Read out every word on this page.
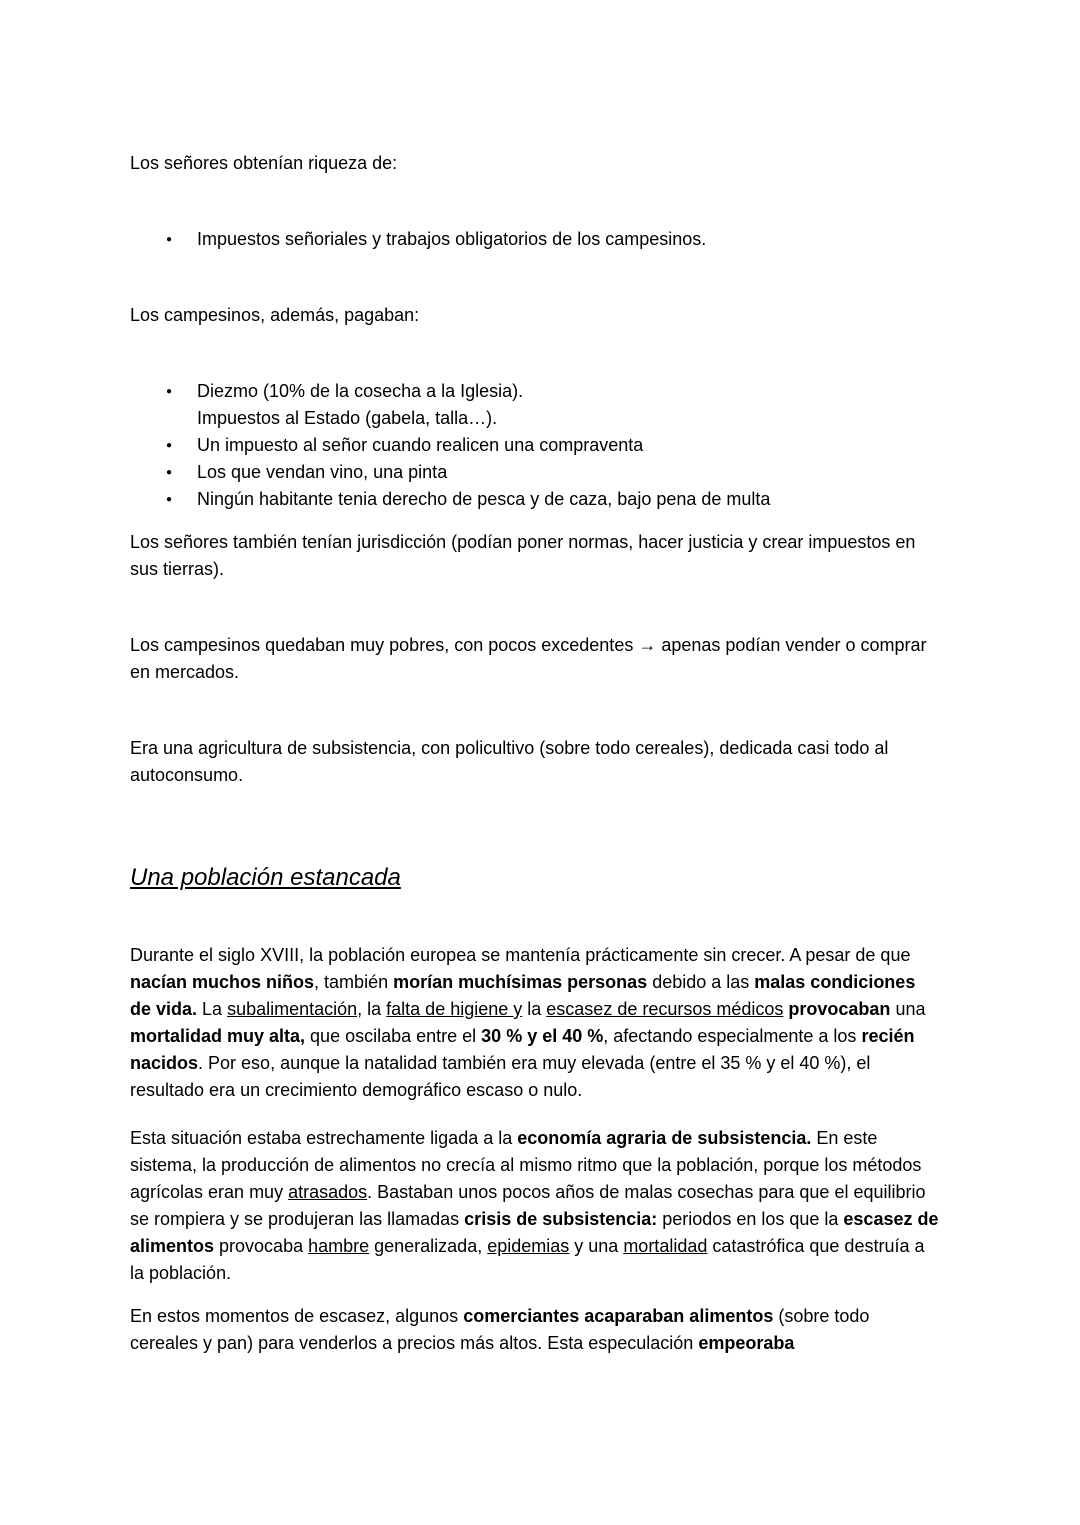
Los señores obtenían riqueza de:
●	Impuestos señoriales y trabajos obligatorios de los campesinos.
Los campesinos, además, pagaban:
●	Diezmo (10% de la cosecha a la Iglesia).
Impuestos al Estado (gabela, talla…).
●	Un impuesto al señor cuando realicen una compraventa
●	Los que vendan vino, una pinta
●	Ningún habitante tenia derecho de pesca y de caza, bajo pena de multa
Los señores también tenían jurisdicción (podían poner normas, hacer justicia y crear impuestos en sus tierras).
Los campesinos quedaban muy pobres, con pocos excedentes → apenas podían vender o comprar en mercados.
Era una agricultura de subsistencia, con policultivo (sobre todo cereales), dedicada casi todo al autoconsumo.
Una población estancada
Durante el siglo XVIII, la población europea se mantenía prácticamente sin crecer. A pesar de que nacían muchos niños, también morían muchísimas personas debido a las malas condiciones de vida. La subalimentación, la falta de higiene y la escasez de recursos médicos provocaban una mortalidad muy alta, que oscilaba entre el 30 % y el 40 %, afectando especialmente a los recién nacidos. Por eso, aunque la natalidad también era muy elevada (entre el 35 % y el 40 %), el resultado era un crecimiento demográfico escaso o nulo.
Esta situación estaba estrechamente ligada a la economía agraria de subsistencia. En este sistema, la producción de alimentos no crecía al mismo ritmo que la población, porque los métodos agrícolas eran muy atrasados. Bastaban unos pocos años de malas cosechas para que el equilibrio se rompiera y se produjeran las llamadas crisis de subsistencia: periodos en los que la escasez de alimentos provocaba hambre generalizada, epidemias y una mortalidad catastrófica que destruía a la población.
En estos momentos de escasez, algunos comerciantes acaparaban alimentos (sobre todo cereales y pan) para venderlos a precios más altos. Esta especulación empeoraba
